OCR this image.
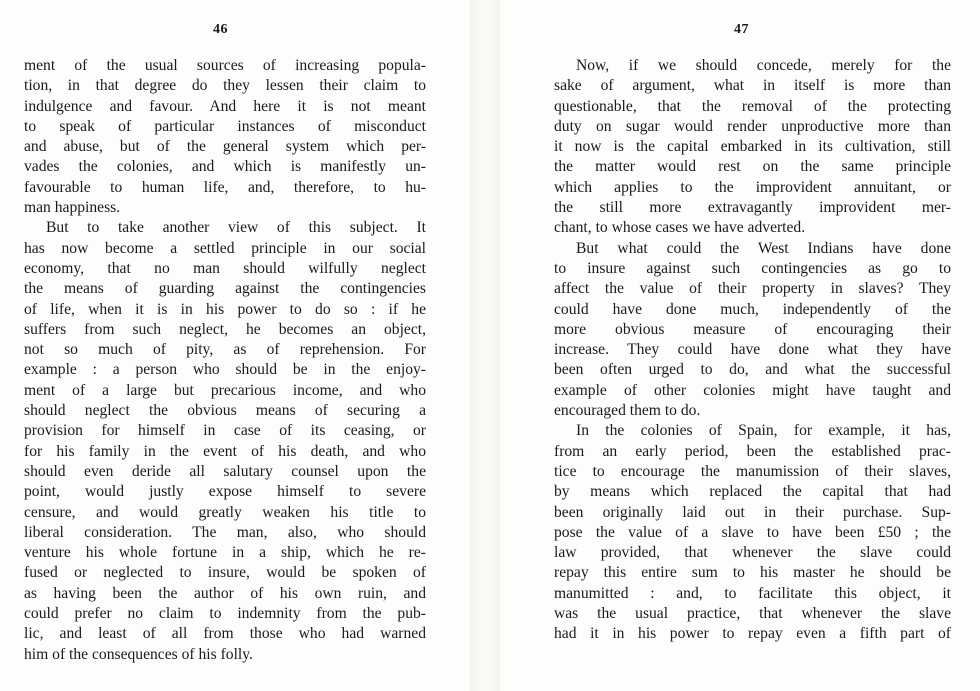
46
ment of the usual sources of increasing popula-
tion, in that degree do they lessen their claim to
indulgence and favour. And here it is not meant
to speak of particular instances of misconduct
and abuse, but of the general system which per-
vades the colonies, and which is manifestly un-
favourable to human life, and, therefore, to hu-
man happiness.
But to take another view of this subject. It
has now become a settled principle in our social
economy, that no man should wilfully neglect
the means of guarding against the contingencies
of life, when it is in his power to do so : if he
suffers from such neglect, he becomes an object,
not so much of pity, as of reprehension. For
example : a person who should be in the enjoy-
ment of a large but precarious income, and who
should neglect the obvious means of securing a
provision for himself in case of its ceasing, or
for his family in the event of his death, and who
should even deride all salutary counsel upon the
point, would justly expose himself to severe
censure, and would greatly weaken his title to
liberal consideration. The man, also, who should
venture his whole fortune in a ship, which he re-
fused or neglected to insure, would be spoken of
as having been the author of his own ruin, and
could prefer no claim to indemnity from the pub-
lic, and least of all from those who had warned
him of the consequences of his folly.
47
Now, if we should concede, merely for the
sake of argument, what in itself is more than
questionable, that the removal of the protecting
duty on sugar would render unproductive more than
it now is the capital embarked in its cultivation, still
the matter would rest on the same principle
which applies to the improvident annuitant, or
the still more extravagantly improvident mer-
chant, to whose cases we have adverted.
But what could the West Indians have done
to insure against such contingencies as go to
affect the value of their property in slaves? They
could have done much, independently of the
more obvious measure of encouraging their
increase. They could have done what they have
been often urged to do, and what the successful
example of other colonies might have taught and
encouraged them to do.
In the colonies of Spain, for example, it has,
from an early period, been the established prac-
tice to encourage the manumission of their slaves,
by means which replaced the capital that had
been originally laid out in their purchase. Sup-
pose the value of a slave to have been £50 ; the
law provided, that whenever the slave could
repay this entire sum to his master he should be
manumitted : and, to facilitate this object, it
was the usual practice, that whenever the slave
had it in his power to repay even a fifth part of
